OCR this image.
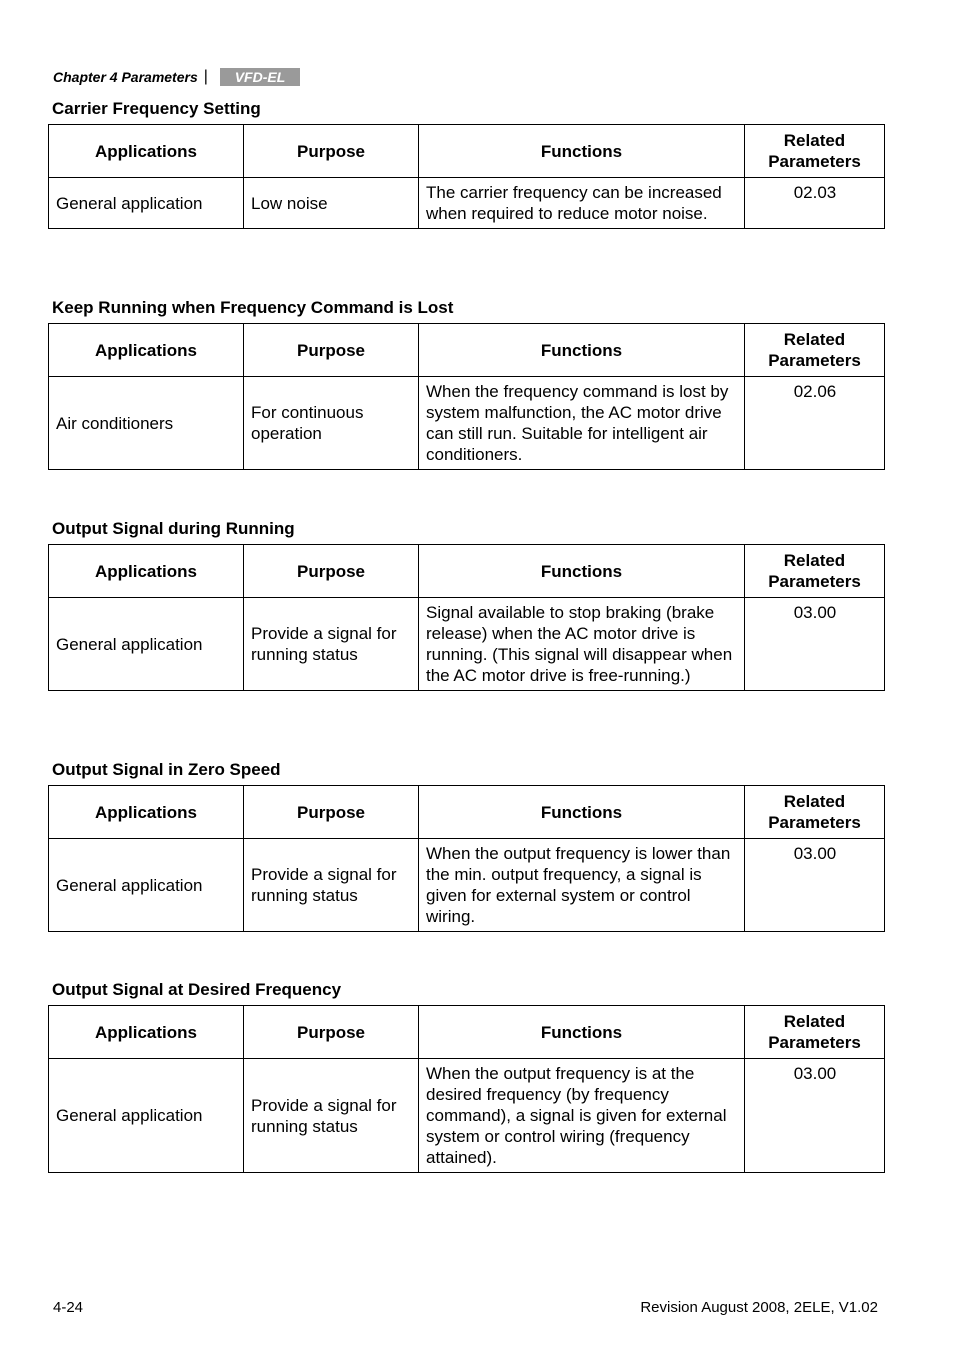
Chapter 4 Parameters | VFD-EL
Carrier Frequency Setting
Applications	Purpose	Functions	Related Parameters
General application	Low noise	The carrier frequency can be increased when required to reduce motor noise.	02.03
Keep Running when Frequency Command is Lost
Applications	Purpose	Functions	Related Parameters
Air conditioners	For continuous operation	When the frequency command is lost by system malfunction, the AC motor drive can still run. Suitable for intelligent air conditioners.	02.06
Output Signal during Running
Applications	Purpose	Functions	Related Parameters
General application	Provide a signal for running status	Signal available to stop braking (brake release) when the AC motor drive is running. (This signal will disappear when the AC motor drive is free-running.)	03.00
Output Signal in Zero Speed
Applications	Purpose	Functions	Related Parameters
General application	Provide a signal for running status	When the output frequency is lower than the min. output frequency, a signal is given for external system or control wiring.	03.00
Output Signal at Desired Frequency
Applications	Purpose	Functions	Related Parameters
General application	Provide a signal for running status	When the output frequency is at the desired frequency (by frequency command), a signal is given for external system or control wiring (frequency attained).	03.00
4-24	Revision August 2008, 2ELE, V1.02
